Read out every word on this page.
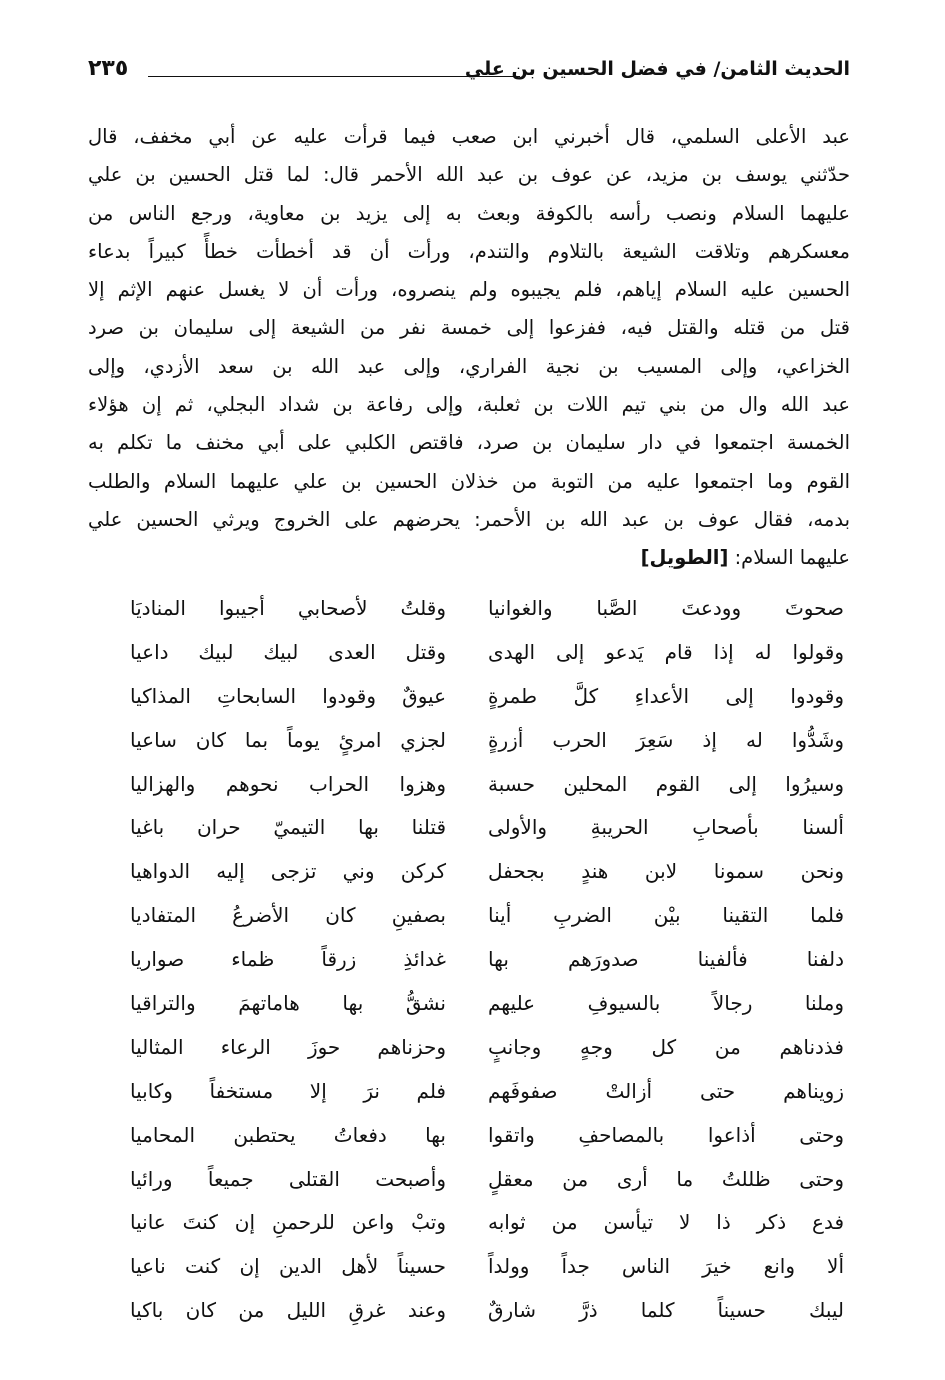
الحديث الثامن/ في فضل الحسين بن علي
٢٣٥
عبد الأعلى السلمي، قال أخبرني ابن صعب فيما قرأت عليه عن أبي مخفف، قال
حدّثني يوسف بن مزيد، عن عوف بن عبد الله الأحمر قال: لما قتل الحسين بن علي
عليهما السلام ونصب رأسه بالكوفة وبعث به إلى يزيد بن معاوية، ورجع الناس من
معسكرهم وتلاقت الشيعة بالتلاوم والتندم، ورأت أن قد أخطأت خطأً كبيراً بدعاء
الحسين عليه السلام إياهم، فلم يجيبوه ولم ينصروه، ورأت أن لا يغسل عنهم الإثم إلا
قتل من قتله والقتل فيه، ففزعوا إلى خمسة نفر من الشيعة إلى سليمان بن صرد
الخزاعي، وإلى المسيب بن نجية الفراري، وإلى عبد الله بن سعد الأزدي، وإلى
عبد الله وال من بني تيم اللات بن ثعلبة، وإلى رفاعة بن شداد البجلي، ثم إن هؤلاء
الخمسة اجتمعوا في دار سليمان بن صرد، فاقتص الكلبي على أبي مخنف ما تكلم به
القوم وما اجتمعوا عليه من التوبة من خذلان الحسين بن علي عليهما السلام والطلب
بدمه، فقال عوف بن عبد الله بن الأحمر: يحرضهم على الخروج ويرثي الحسين علي
عليهما السلام: [الطويل]
صحوتَ وودعتَ الصَّبا والغوانيا
وقلتُ لأصحابي أجيبوا المناديَا
وقولوا له إذا قام يَدعو إلى الهدى
وقتل العدى لبيك لبيك داعيا
وقودوا إلى الأعداءِ كلَّ طمرةٍ
عيوقٌ وقودوا السابحاتِ المذاكيا
وشَدُّوا له إذ سَعِرَ الحرب أزرةٍ
لجزي امرئٍ يوماً بما كان ساعيا
وسيرُوا إلى القوم المحلين حسبة
وهزوا الحراب نحوهم والهزاليا
ألسنا بأصحابِ الحريبةِ والأولى
قتلنا بها التيميّ حران باغيا
ونحن سمونا لابن هندٍ بجحفل
كركن وني تزجى إليه الدواهيا
فلما التقينا بيْن الضربِ أينا
بصفينِ كان الأضرعُ المتفاديا
دلفنا فألفينا صدورَهم بها
غدائذِ زرقاً ظماء صواريا
وملنا رجالاً بالسيوفِ عليهم
نشقُّ بها هاماتهمَ والتراقيا
فذدناهم من كل وجهٍ وجانبٍ
وحزناهم حوزَ الرعاء المثاليا
زويناهم حتى أزالتْ صفوفَهم
فلم نرَ إلا مستخفاً وكابيا
وحتى أذاعوا بالمصاحفِ واتقوا
بها دفعاتُ يحتطبن المحاميا
وحتى ظللتُ ما أرى من معقلٍ
وأصبحت القتلى جميعاً ورائيا
فدع ذكر ذا لا تيأسن من ثوابه
وتبْ واعن للرحمنِ إن كنتَ عانيا
ألا وانع خيرَ الناس جداً وولداً
حسيناً لأهل الدين إن كنت ناعيا
ليبك حسيناً كلما ذرَّ شارقٌ
وعند غرقِ الليل من كان باكيا
